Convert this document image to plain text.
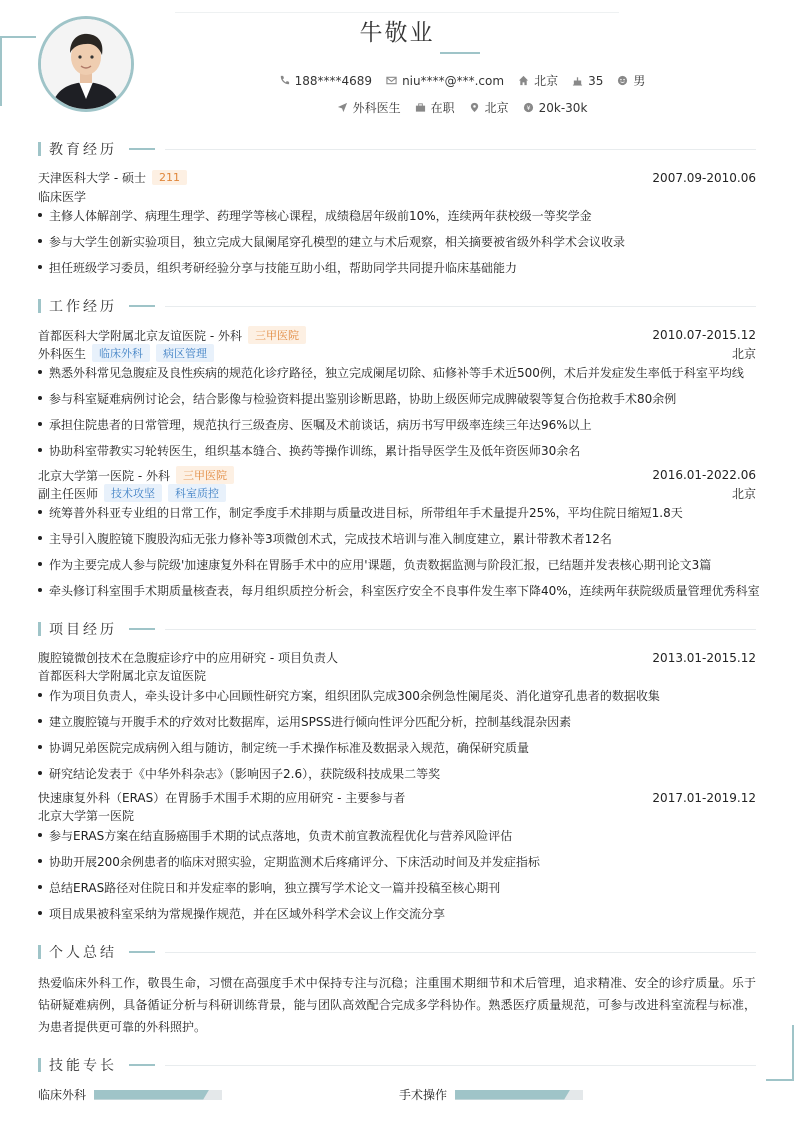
牛敬业
188****4689	niu****@***.com	北京	35	男
外科医生	在职	北京 ¥ 20k-30k
教育经历
天津医科大学 - 硕士	211	2007.09-2010.06
临床医学
主修人体解剖学、病理生理学、药理学等核心课程，成绩稳居年级前10%，连续两年获校级一等奖学金
参与大学生创新实验项目，独立完成大鼠阑尾穿孔模型的建立与术后观察，相关摘要被省级外科学术会议收录
担任班级学习委员，组织考研经验分享与技能互助小组，帮助同学共同提升临床基础能力
工作经历
首都医科大学附属北京友谊医院 - 外科	三甲医院	2010.07-2015.12
外科医生	临床外科	病区管理	北京
熟悉外科常见急腹症及良性疾病的规范化诊疗路径，独立完成阑尾切除、疝修补等手术近500例，术后并发症发生率低于科室平均线
参与科室疑难病例讨论会，结合影像与检验资料提出鉴别诊断思路，协助上级医师完成脾破裂等复合伤抢救手术80余例
承担住院患者的日常管理，规范执行三级查房、医嘱及术前谈话，病历书写甲级率连续三年达96%以上
协助科室带教实习轮转医生，组织基本缝合、换药等操作训练，累计指导医学生及低年资医师30余名
北京大学第一医院 - 外科	三甲医院	2016.01-2022.06
副主任医师	技术攻坚	科室质控	北京
统筹普外科亚专业组的日常工作，制定季度手术排期与质量改进目标，所带组年手术量提升25%，平均住院日缩短1.8天
主导引入腹腔镜下腹股沟疝无张力修补等3项微创术式，完成技术培训与准入制度建立，累计带教术者12名
作为主要完成人参与院级'加速康复外科在胃肠手术中的应用'课题，负责数据监测与阶段汇报，已结题并发表核心期刊论文3篇
牵头修订科室围手术期质量核查表，每月组织质控分析会，科室医疗安全不良事件发生率下降40%，连续两年获院级质量管理优秀科室
项目经历
腹腔镜微创技术在急腹症诊疗中的应用研究 - 项目负责人	2013.01-2015.12
首都医科大学附属北京友谊医院
作为项目负责人，牵头设计多中心回顾性研究方案，组织团队完成300余例急性阑尾炎、消化道穿孔患者的数据收集
建立腹腔镜与开腹手术的疗效对比数据库，运用SPSS进行倾向性评分匹配分析，控制基线混杂因素
协调兄弟医院完成病例入组与随访，制定统一手术操作标准及数据录入规范，确保研究质量
研究结论发表于《中华外科杂志》（影响因子2.6），获院级科技成果二等奖
快速康复外科（ERAS）在胃肠手术围手术期的应用研究 - 主要参与者	2017.01-2019.12
北京大学第一医院
参与ERAS方案在结直肠癌围手术期的试点落地，负责术前宣教流程优化与营养风险评估
协助开展200余例患者的临床对照实验，定期监测术后疼痛评分、下床活动时间及并发症指标
总结ERAS路径对住院日和并发症率的影响，独立撰写学术论文一篇并投稿至核心期刊
项目成果被科室采纳为常规操作规范，并在区域外科学术会议上作交流分享
个人总结
热爱临床外科工作，敬畏生命，习惯在高强度手术中保持专注与沉稳；注重围术期细节和术后管理，追求精准、安全的诊疗质量。乐于钻研疑难病例，具备循证分析与科研训练背景，能与团队高效配合完成多学科协作。熟悉医疗质量规范，可参与改进科室流程与标准，为患者提供更可靠的外科照护。
技能专长
临床外科	手术操作
